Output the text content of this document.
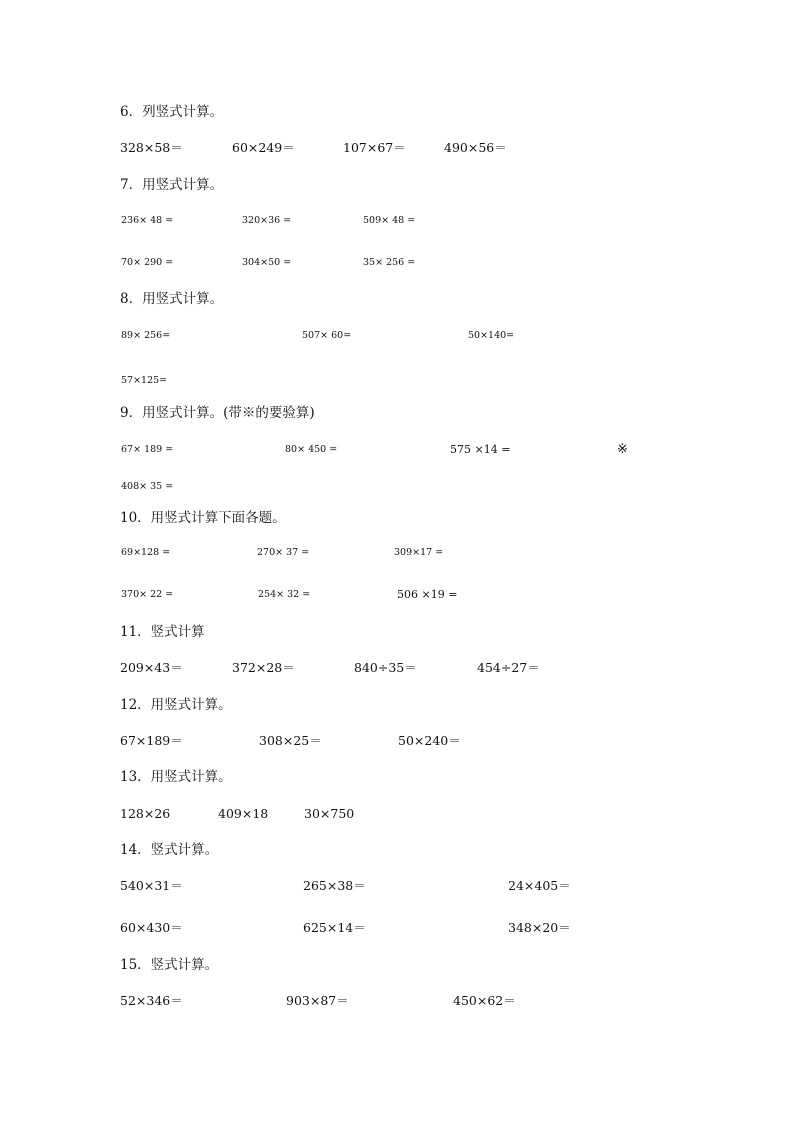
6．列竖式计算。
328×58＝	60×249＝	107×67＝	490×56＝
7．用竖式计算。
236× 48 =	320×36 =	509× 48 =
70× 290 =	304×50 =	35× 256 =
8．用竖式计算。
89× 256=	507× 60=	50×140=
57×125=
9．用竖式计算。(带※的要验算)
67× 189 =	80× 450 =	575 ×14 =	※
408× 35 =
10．用竖式计算下面各题。
69×128 =	270× 37 =	309×17 =
370× 22 =	254× 32 =	506 ×19 =
11．竖式计算
209×43＝	372×28＝	840÷35＝	454÷27＝
12．用竖式计算。
67×189＝	308×25＝	50×240＝
13．用竖式计算。
128×26	409×18	30×750
14．竖式计算。
540×31＝	265×38＝	24×405＝
60×430＝	625×14＝	348×20＝
15．竖式计算。
52×346＝	903×87＝	450×62＝
